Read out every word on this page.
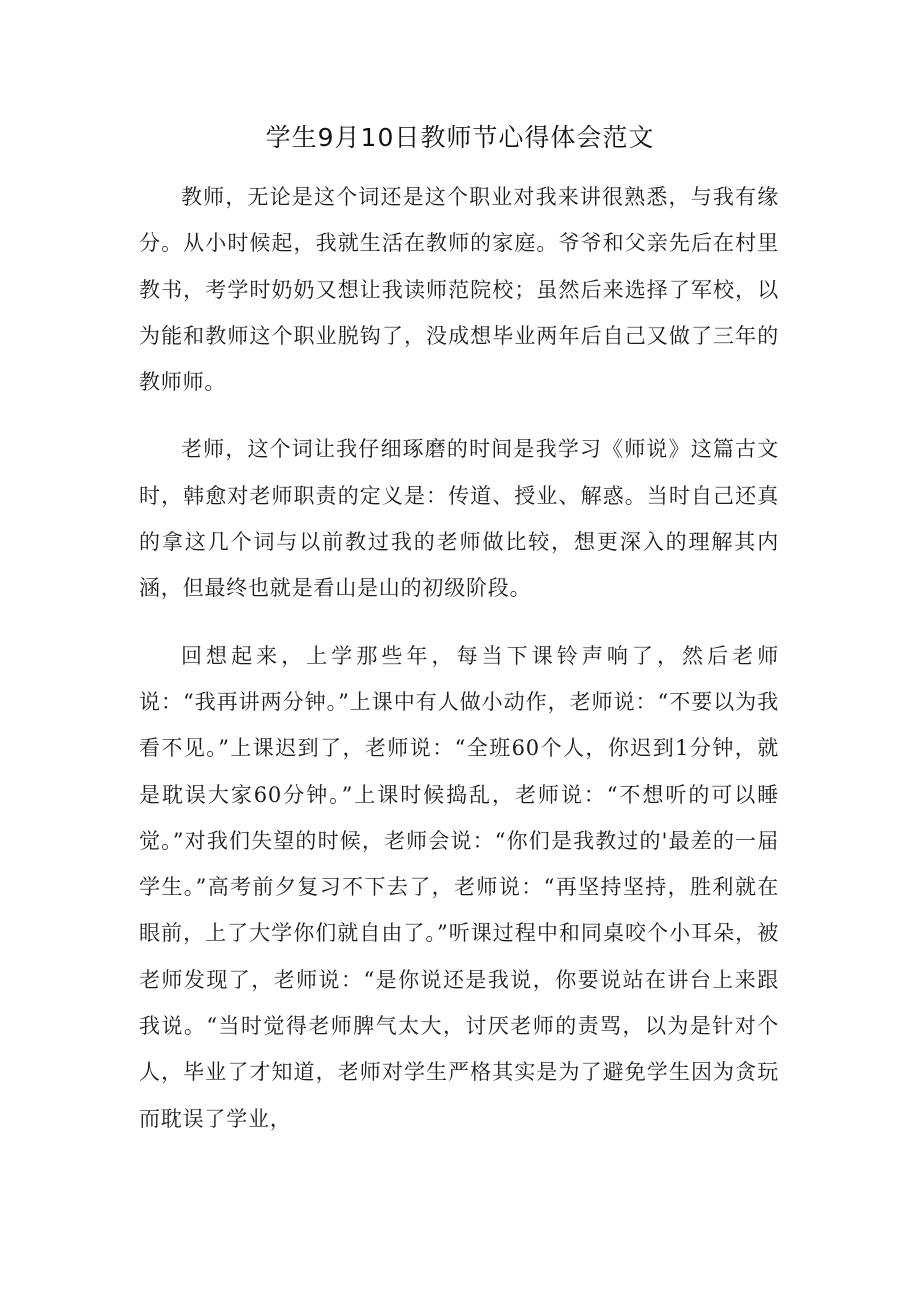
学生9月10日教师节心得体会范文

教师，无论是这个词还是这个职业对我来讲很熟悉，与我有缘分。从小时候起，我就生活在教师的家庭。爷爷和父亲先后在村里教书，考学时奶奶又想让我读师范院校；虽然后来选择了军校，以为能和教师这个职业脱钩了，没成想毕业两年后自己又做了三年的教师师。

老师，这个词让我仔细琢磨的时间是我学习《师说》这篇古文时，韩愈对老师职责的定义是：传道、授业、解惑。当时自己还真的拿这几个词与以前教过我的老师做比较，想更深入的理解其内涵，但最终也就是看山是山的初级阶段。

回想起来，上学那些年，每当下课铃声响了，然后老师说：“我再讲两分钟。”上课中有人做小动作，老师说：“不要以为我看不见。”上课迟到了，老师说：“全班60个人，你迟到1分钟，就是耽误大家60分钟。”上课时候捣乱，老师说：“不想听的可以睡觉。”对我们失望的时候，老师会说：“你们是我教过的'最差的一届学生。”高考前夕复习不下去了，老师说：“再坚持坚持，胜利就在眼前，上了大学你们就自由了。”听课过程中和同桌咬个小耳朵，被老师发现了，老师说：“是你说还是我说，你要说站在讲台上来跟我说。“当时觉得老师脾气太大，讨厌老师的责骂，以为是针对个人，毕业了才知道，老师对学生严格其实是为了避免学生因为贪玩而耽误了学业，
